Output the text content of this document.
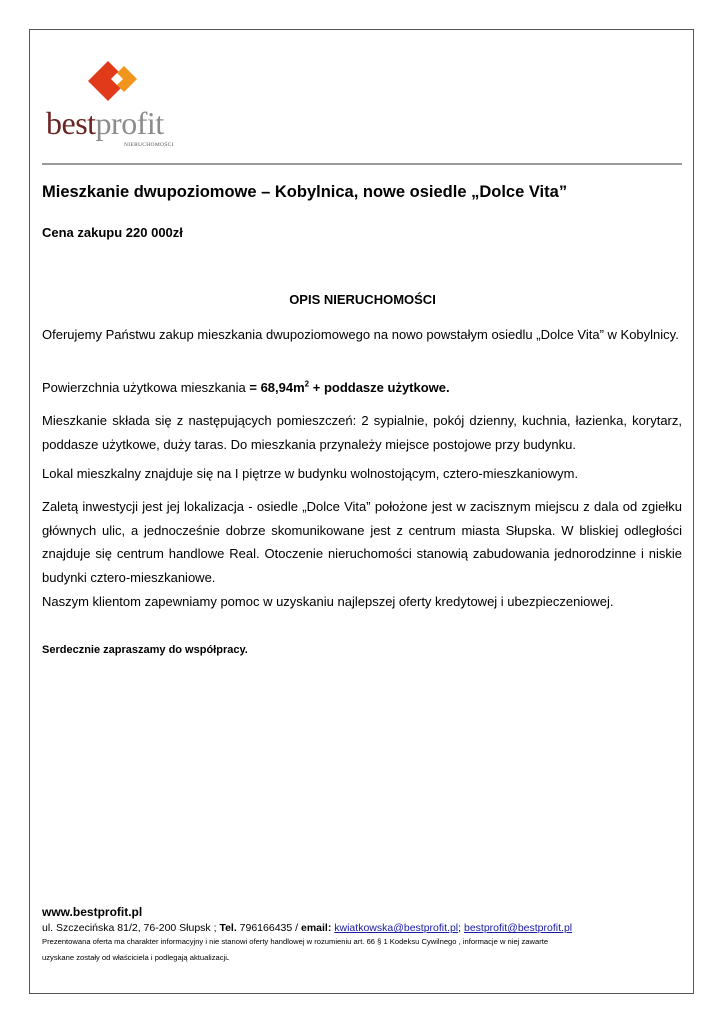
bestprofit
NIERUCHOMOŚCI
Mieszkanie dwupoziomowe – Kobylnica, nowe osiedle „Dolce Vita”
Cena zakupu 220 000zł
OPIS NIERUCHOMOŚCI

Oferujemy Państwu zakup mieszkania dwupoziomowego na nowo powstałym osiedlu „Dolce Vita” w Kobylnicy.

Powierzchnia użytkowa mieszkania = $68,94m^2$ + poddasze użytkowe.

Mieszkanie składa się z następujących pomieszczeń: 2 sypialnie, pokój dzienny, kuchnia, łazienka, korytarz, poddasze użytkowe, duży taras. Do mieszkania przynależy miejsce postojowe przy budynku.

Lokal mieszkalny znajduje się na I piętrze w budynku wolnostojącym, cztero-mieszkaniowym.

Zaletą inwestycji jest jej lokalizacja - osiedle „Dolce Vita” położone jest w zacisznym miejscu z dala od zgiełku głównych ulic, a jednocześnie dobrze skomunikowane jest z centrum miasta Słupska. W bliskiej odległości znajduje się centrum handlowe Real. Otoczenie nieruchomości stanowią zabudowania jednorodzinne i niskie budynki cztero-mieszkaniowe.

Naszym klientom zapewniamy pomoc w uzyskaniu najlepszej oferty kredytowej i ubezpieczeniowej.

Serdecznie zapraszamy do współpracy.
www.bestprofit.pl
ul. Szczecińska 81/2, 76-200 Słupsk ; Tel. 796166435 / email: kwiatkowska@bestprofit.pl; bestprofit@bestprofit.pl
Prezentowana oferta ma charakter informacyjny i nie stanowi oferty handlowej w rozumieniu art. 66 § 1 Kodeksu Cywilnego , informacje w niej zawarte
uzyskane zostały od właściciela i podlegają aktualizacji.
